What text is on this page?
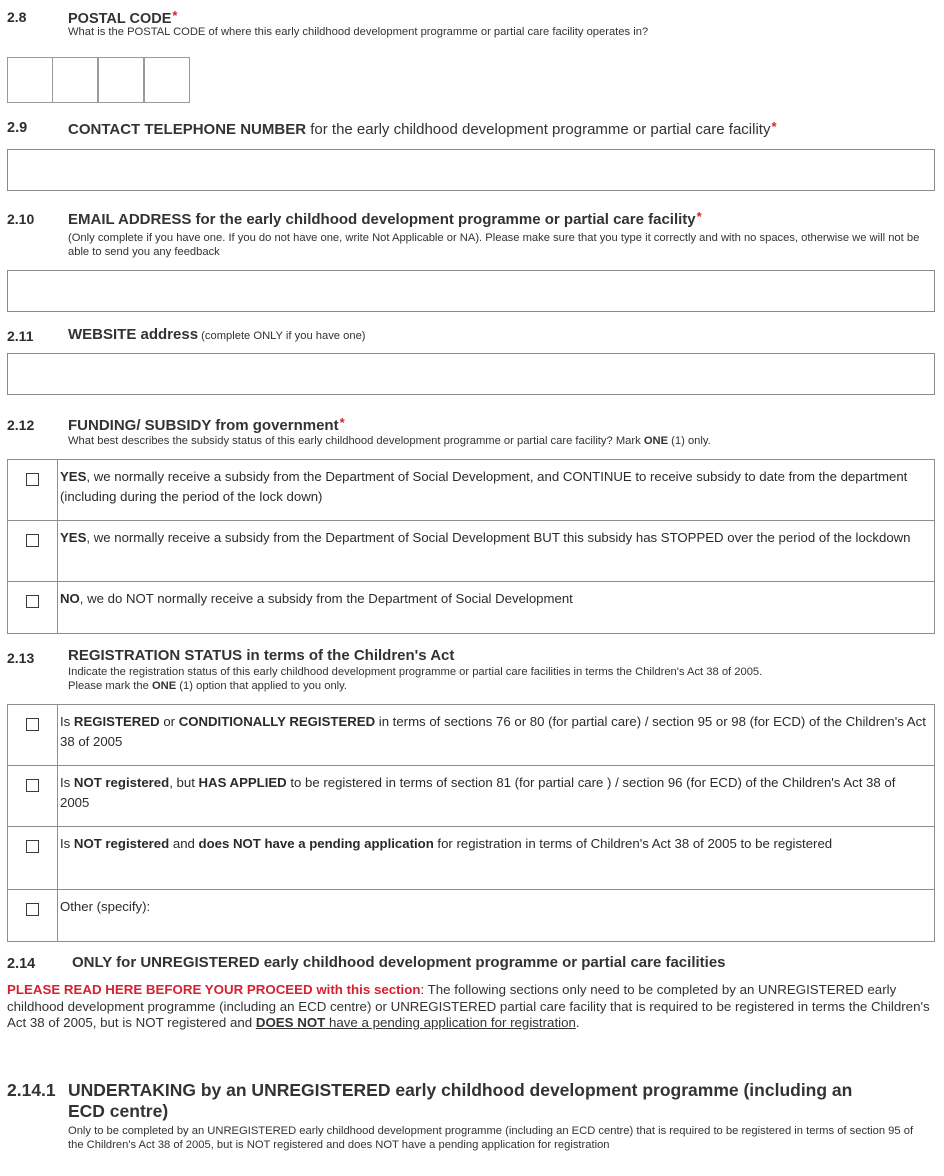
2.8	POSTAL CODE*
What is the POSTAL CODE of where this early childhood development programme or partial care facility operates in?
2.9	CONTACT TELEPHONE NUMBER for the early childhood development programme or partial care facility*
2.10 EMAIL ADDRESS for the early childhood development programme or partial care facility*
(Only complete if you have one. If you do not have one, write Not Applicable or NA). Please make sure that you type it correctly and with no spaces, otherwise we will not be able to send you any feedback
2.11 WEBSITE address (complete ONLY if you have one)
2.12 FUNDING/ SUBSIDY from government*
What best describes the subsidy status of this early childhood development programme or partial care facility? Mark ONE (1) only.
	YES, we normally receive a subsidy from the Department of Social Development, and CONTINUE to receive subsidy to date from the department (including during the period of the lock down)
	YES, we normally receive a subsidy from the Department of Social Development BUT this subsidy has STOPPED over the period of the lockdown
	NO, we do NOT normally receive a subsidy from the Department of Social Development
2.13 REGISTRATION STATUS in terms of the Children's Act
Indicate the registration status of this early childhood development programme or partial care facilities in terms the Children's Act 38 of 2005.
Please mark the ONE (1) option that applied to you only.
	Is REGISTERED or CONDITIONALLY REGISTERED in terms of sections 76 or 80 (for partial care) / section 95 or 98 (for ECD) of the Children's Act 38 of 2005
	Is NOT registered, but HAS APPLIED to be registered in terms of section 81 (for partial care ) / section 96 (for ECD) of the Children's Act 38 of 2005
	Is NOT registered and does NOT have a pending application for registration in terms of Children's Act 38 of 2005 to be registered
	Other (specify):
2.14 ONLY for UNREGISTERED early childhood development programme or partial care facilities
PLEASE READ HERE BEFORE YOUR PROCEED with this section: The following sections only need to be completed by an UNREGISTERED early childhood development programme (including an ECD centre) or UNREGISTERED partial care facility that is required to be registered in terms the Children's Act 38 of 2005, but is NOT registered and DOES NOT have a pending application for registration.
2.14.1 UNDERTAKING by an UNREGISTERED early childhood development programme (including an
ECD centre)
Only to be completed by an UNREGISTERED early childhood development programme (including an ECD centre) that is required to be registered in terms of section 95 of the Children's Act 38 of 2005, but is NOT registered and does NOT have a pending application for registration
